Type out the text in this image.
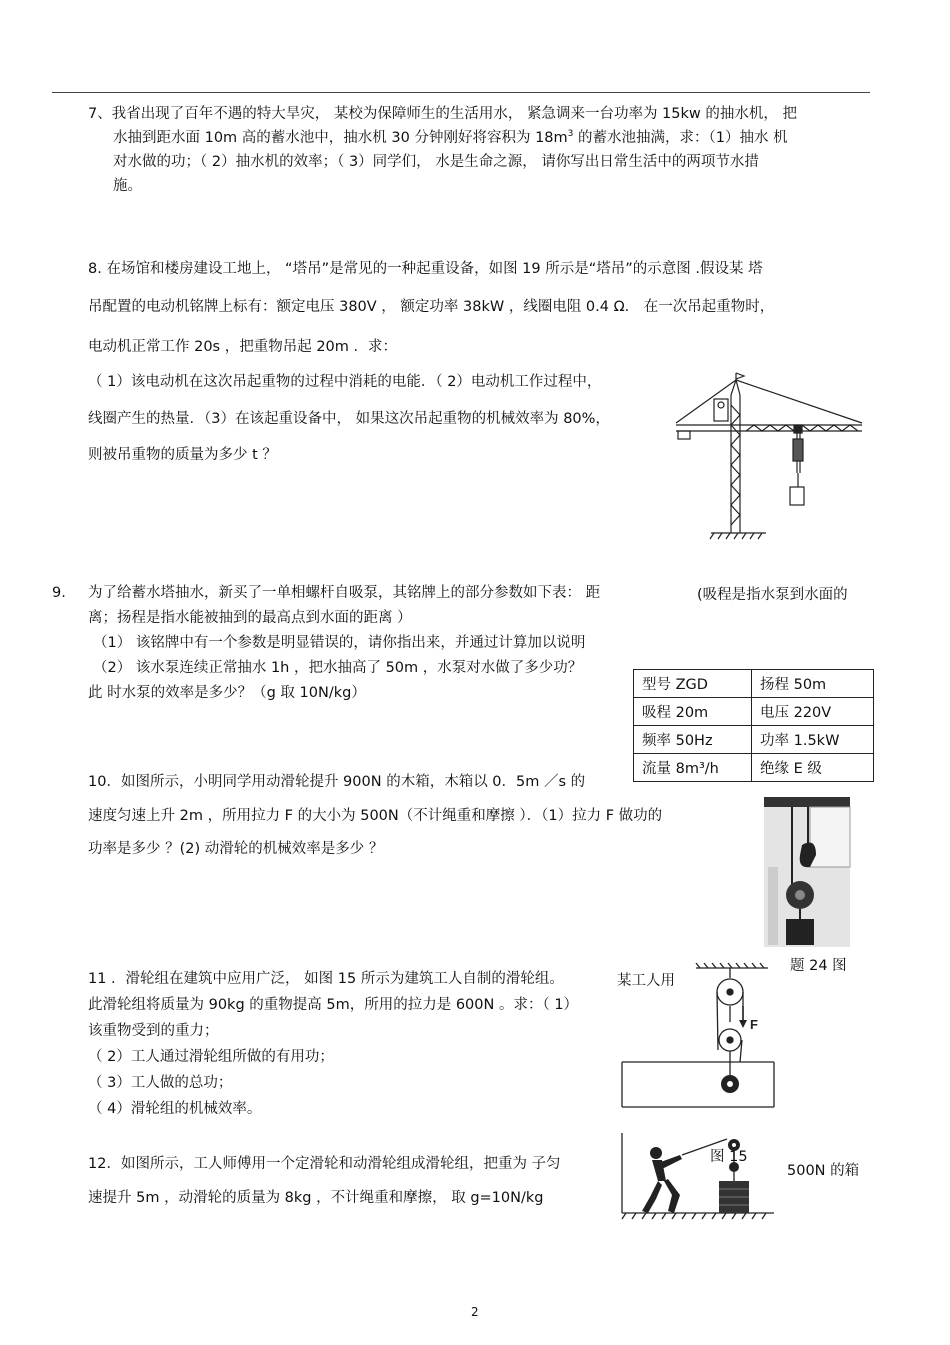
7、我省出现了百年不遇的特大旱灾， 某校为保障师生的生活用水， 紧急调来一台功率为 15kw 的抽水机， 把
水抽到距水面 10m 高的蓄水池中，抽水机 30 分钟刚好将容积为 $18m^3$ 的蓄水池抽满，求：（1）抽水 机
对水做的功；（ 2）抽水机的效率；（ 3）同学们， 水是生命之源， 请你写出日常生活中的两项节水措
施。
8. 在场馆和楼房建设工地上， “塔吊”是常见的一种起重设备，如图 19 所示是“塔吊”的示意图 .假设某 塔
吊配置的电动机铭牌上标有：额定电压 380V ， 额定功率 38kW ，线圈电阻 0.4 Ω． 在一次吊起重物时，
电动机正常工作 20s ，把重物吊起 20m ．求：
（ 1）该电动机在这次吊起重物的过程中消耗的电能．（ 2）电动机工作过程中，
线圈产生的热量．（3）在该起重设备中， 如果这次吊起重物的机械效率为 80%，
则被吊重物的质量为多少 t ？
9. 为了给蓄水塔抽水，新买了一单相螺杆自吸泵，其铭牌上的部分参数如下表： 距	(吸程是指水泵到水面的
离；扬程是指水能被抽到的最高点到水面的距离 ）
（1） 该铭牌中有一个参数是明显错误的，请你指出来，并通过计算加以说明
（2） 该水泵连续正常抽水 1h ，把水抽高了 50m ，水泵对水做了多少功？
此 时水泵的效率是多少？（g 取 10N/kg）	型号 ZGD	扬程 50m
吸程 20m	电压 220V
频率 50Hz	功率 1.5kW
流量 8m³/h	绝缘 E 级
10．如图所示，小明同学用动滑轮提升 900N 的木箱，木箱以 0．5m ／s 的
速度匀速上升 2m ，所用拉力 F 的大小为 500N（不计绳重和摩擦 ）．（1）拉力 F 做功的
功率是多少 ？(2) 动滑轮的机械效率是多少 ？
题 24 图
11 ．滑轮组在建筑中应用广泛， 如图 15 所示为建筑工人自制的滑轮组。	某工人用
此滑轮组将质量为 90kg 的重物提高 5m，所用的拉力是 600N 。求：（ 1）
该重物受到的重力；
（ 2）工人通过滑轮组所做的有用功；
（ 3）工人做的总功；
（ 4）滑轮组的机械效率。
F
12．如图所示，工人师傅用一个定滑轮和动滑轮组成滑轮组，把重为 子匀	500N 的箱
速提升 5m ，动滑轮的质量为 8kg ，不计绳重和摩擦， 取 g=10N/kg
图 15
2
